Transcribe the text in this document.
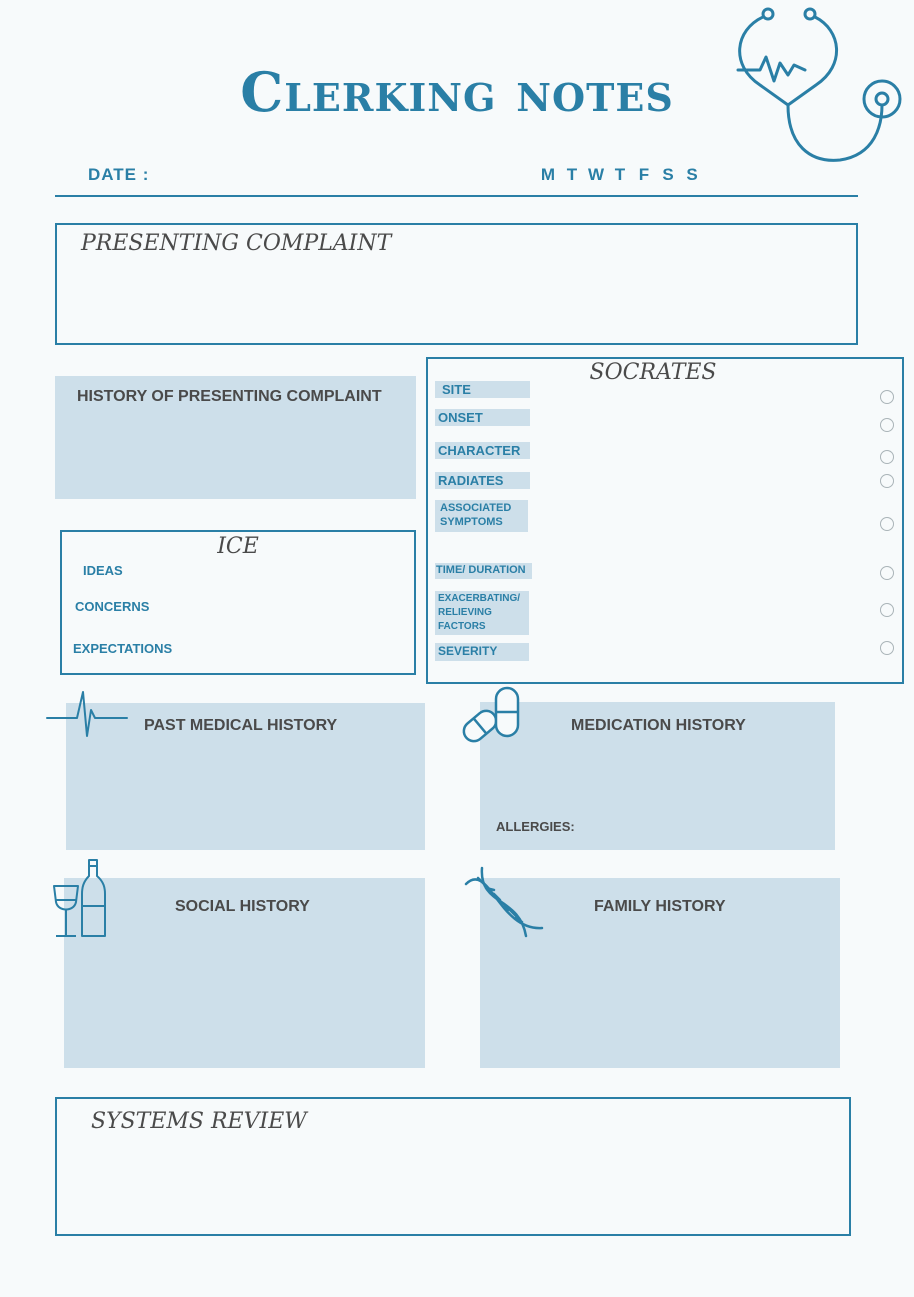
Clerking notes
DATE :	M T W T F S S
PRESENTING COMPLAINT
HISTORY OF PRESENTING COMPLAINT
ICE
IDEAS
CONCERNS
EXPECTATIONS
SOCRATES
SITE
ONSET
CHARACTER
RADIATES
ASSOCIATED SYMPTOMS
TIME/ DURATION
EXACERBATING/ RELIEVING FACTORS
SEVERITY
PAST MEDICAL HISTORY	MEDICATION HISTORY
ALLERGIES:
SOCIAL HISTORY	FAMILY HISTORY
SYSTEMS REVIEW
